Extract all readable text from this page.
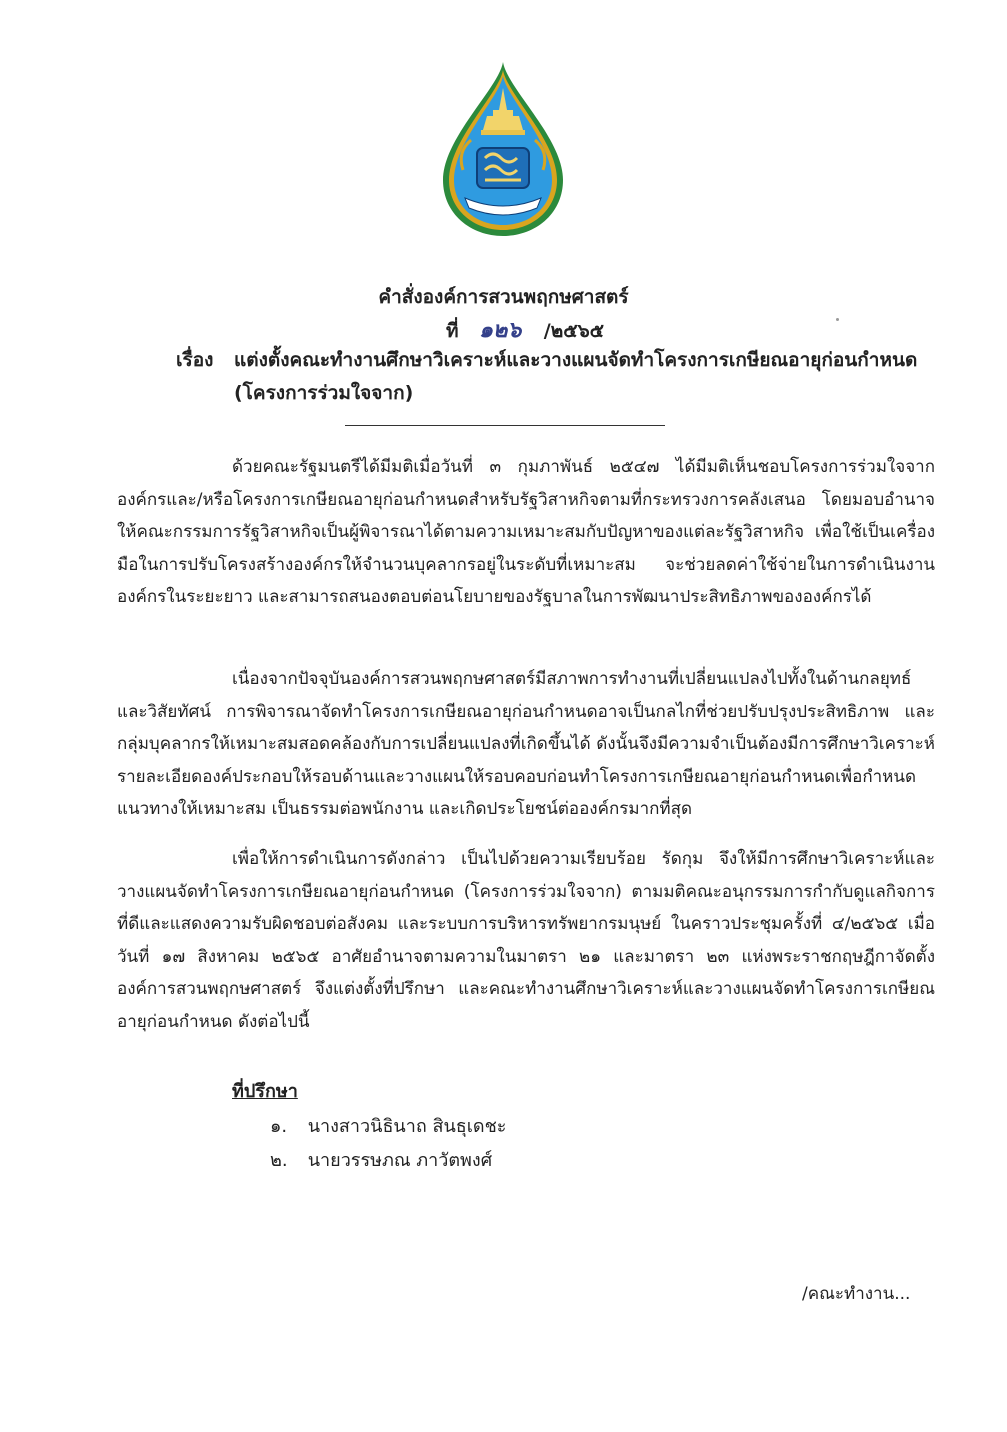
คำสั่งองค์การสวนพฤกษศาสตร์
ที่ ๑๒๖ /๒๕๖๕
เรื่อง แต่งตั้งคณะทำงานศึกษาวิเคราะห์และวางแผนจัดทำโครงการเกษียณอายุก่อนกำหนด
(โครงการร่วมใจจาก)

ด้วยคณะรัฐมนตรีได้มีมติเมื่อวันที่ ๓ กุมภาพันธ์ ๒๕๔๗ ได้มีมติเห็นชอบโครงการร่วมใจจากองค์กรและ/หรือโครงการเกษียณอายุก่อนกำหนดสำหรับรัฐวิสาหกิจตามที่กระทรวงการคลังเสนอ โดยมอบอำนาจให้คณะกรรมการรัฐวิสาหกิจเป็นผู้พิจารณาได้ตามความเหมาะสมกับปัญหาของแต่ละรัฐวิสาหกิจ เพื่อใช้เป็นเครื่องมือในการปรับโครงสร้างองค์กรให้จำนวนบุคลากรอยู่ในระดับที่เหมาะสม จะช่วยลดค่าใช้จ่ายในการดำเนินงานองค์กรในระยะยาว และสามารถสนองตอบต่อนโยบายของรัฐบาลในการพัฒนาประสิทธิภาพขององค์กรได้

เนื่องจากปัจจุบันองค์การสวนพฤกษศาสตร์มีสภาพการทำงานที่เปลี่ยนแปลงไปทั้งในด้านกลยุทธ์และวิสัยทัศน์ การพิจารณาจัดทำโครงการเกษียณอายุก่อนกำหนดอาจเป็นกลไกที่ช่วยปรับปรุงประสิทธิภาพ และกลุ่มบุคลากรให้เหมาะสมสอดคล้องกับการเปลี่ยนแปลงที่เกิดขึ้นได้ ดังนั้นจึงมีความจำเป็นต้องมีการศึกษาวิเคราะห์รายละเอียดองค์ประกอบให้รอบด้านและวางแผนให้รอบคอบก่อนทำโครงการเกษียณอายุก่อนกำหนดเพื่อกำหนดแนวทางให้เหมาะสม เป็นธรรมต่อพนักงาน และเกิดประโยชน์ต่อองค์กรมากที่สุด

เพื่อให้การดำเนินการดังกล่าว เป็นไปด้วยความเรียบร้อย รัดกุม จึงให้มีการศึกษาวิเคราะห์และวางแผนจัดทำโครงการเกษียณอายุก่อนกำหนด (โครงการร่วมใจจาก) ตามมติคณะอนุกรรมการกำกับดูแลกิจการที่ดีและแสดงความรับผิดชอบต่อสังคม และระบบการบริหารทรัพยากรมนุษย์ ในคราวประชุมครั้งที่ ๔/๒๕๖๕ เมื่อวันที่ ๑๗ สิงหาคม ๒๕๖๕ อาศัยอำนาจตามความในมาตรา ๒๑ และมาตรา ๒๓ แห่งพระราชกฤษฎีกาจัดตั้งองค์การสวนพฤกษศาสตร์ จึงแต่งตั้งที่ปรึกษา และคณะทำงานศึกษาวิเคราะห์และวางแผนจัดทำโครงการเกษียณอายุก่อนกำหนด ดังต่อไปนี้

ที่ปรึกษา
๑. นางสาวนิธินาถ สินธุเดชะ
๒. นายวรรษภณ ภาวัตพงศ์
/คณะทำงาน...
